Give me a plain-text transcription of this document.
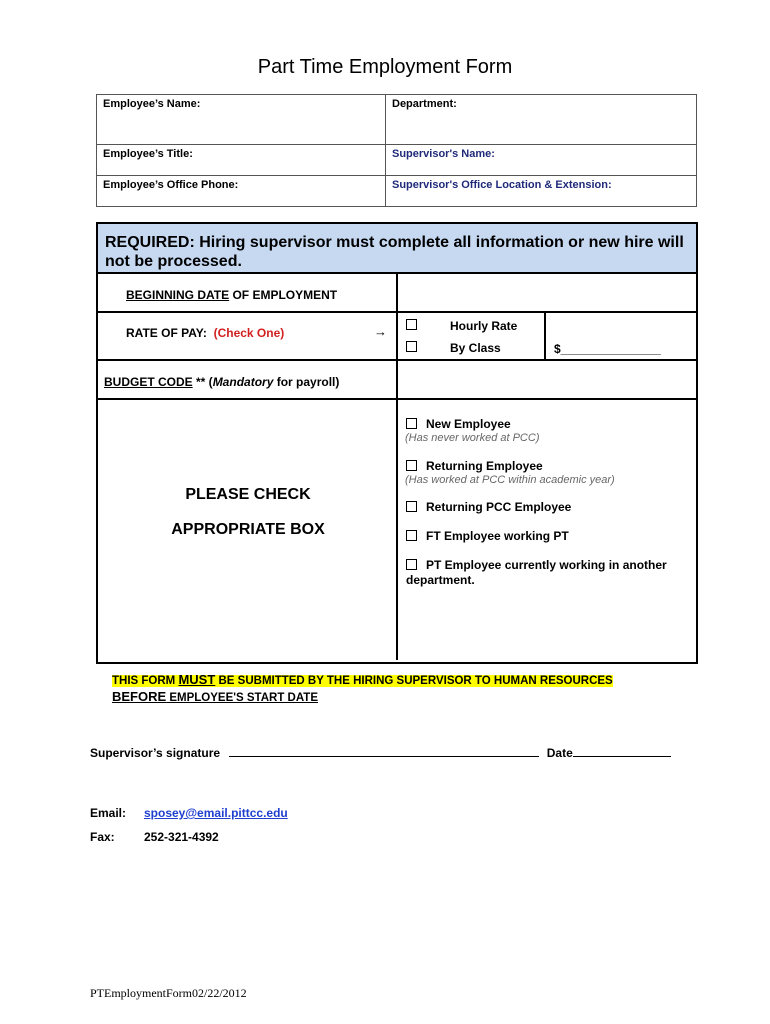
Part Time Employment Form
Employee’s Name:	Department:
Employee’s Title:	Supervisor's Name:
Employee’s Office Phone:	Supervisor's Office Location & Extension:
REQUIRED: Hiring supervisor must complete all information or new hire will not be processed.
BEGINNING DATE OF EMPLOYMENT
RATE OF PAY: (Check One)	→	Hourly Rate
By Class	$_______________
BUDGET CODE ** (Mandatory for payroll)
PLEASE CHECK
APPROPRIATE BOX
New Employee
(Has never worked at PCC)
Returning Employee
(Has worked at PCC within academic year)
Returning PCC Employee
FT Employee working PT
PT Employee currently working in another department.
THIS FORM MUST BE SUBMITTED BY THE HIRING SUPERVISOR TO HUMAN RESOURCES
BEFORE EMPLOYEE'S START DATE
Supervisor’s signature	Date
Email: sposey@email.pittcc.edu
Fax: 252-321-4392
PTEmploymentForm02/22/2012
